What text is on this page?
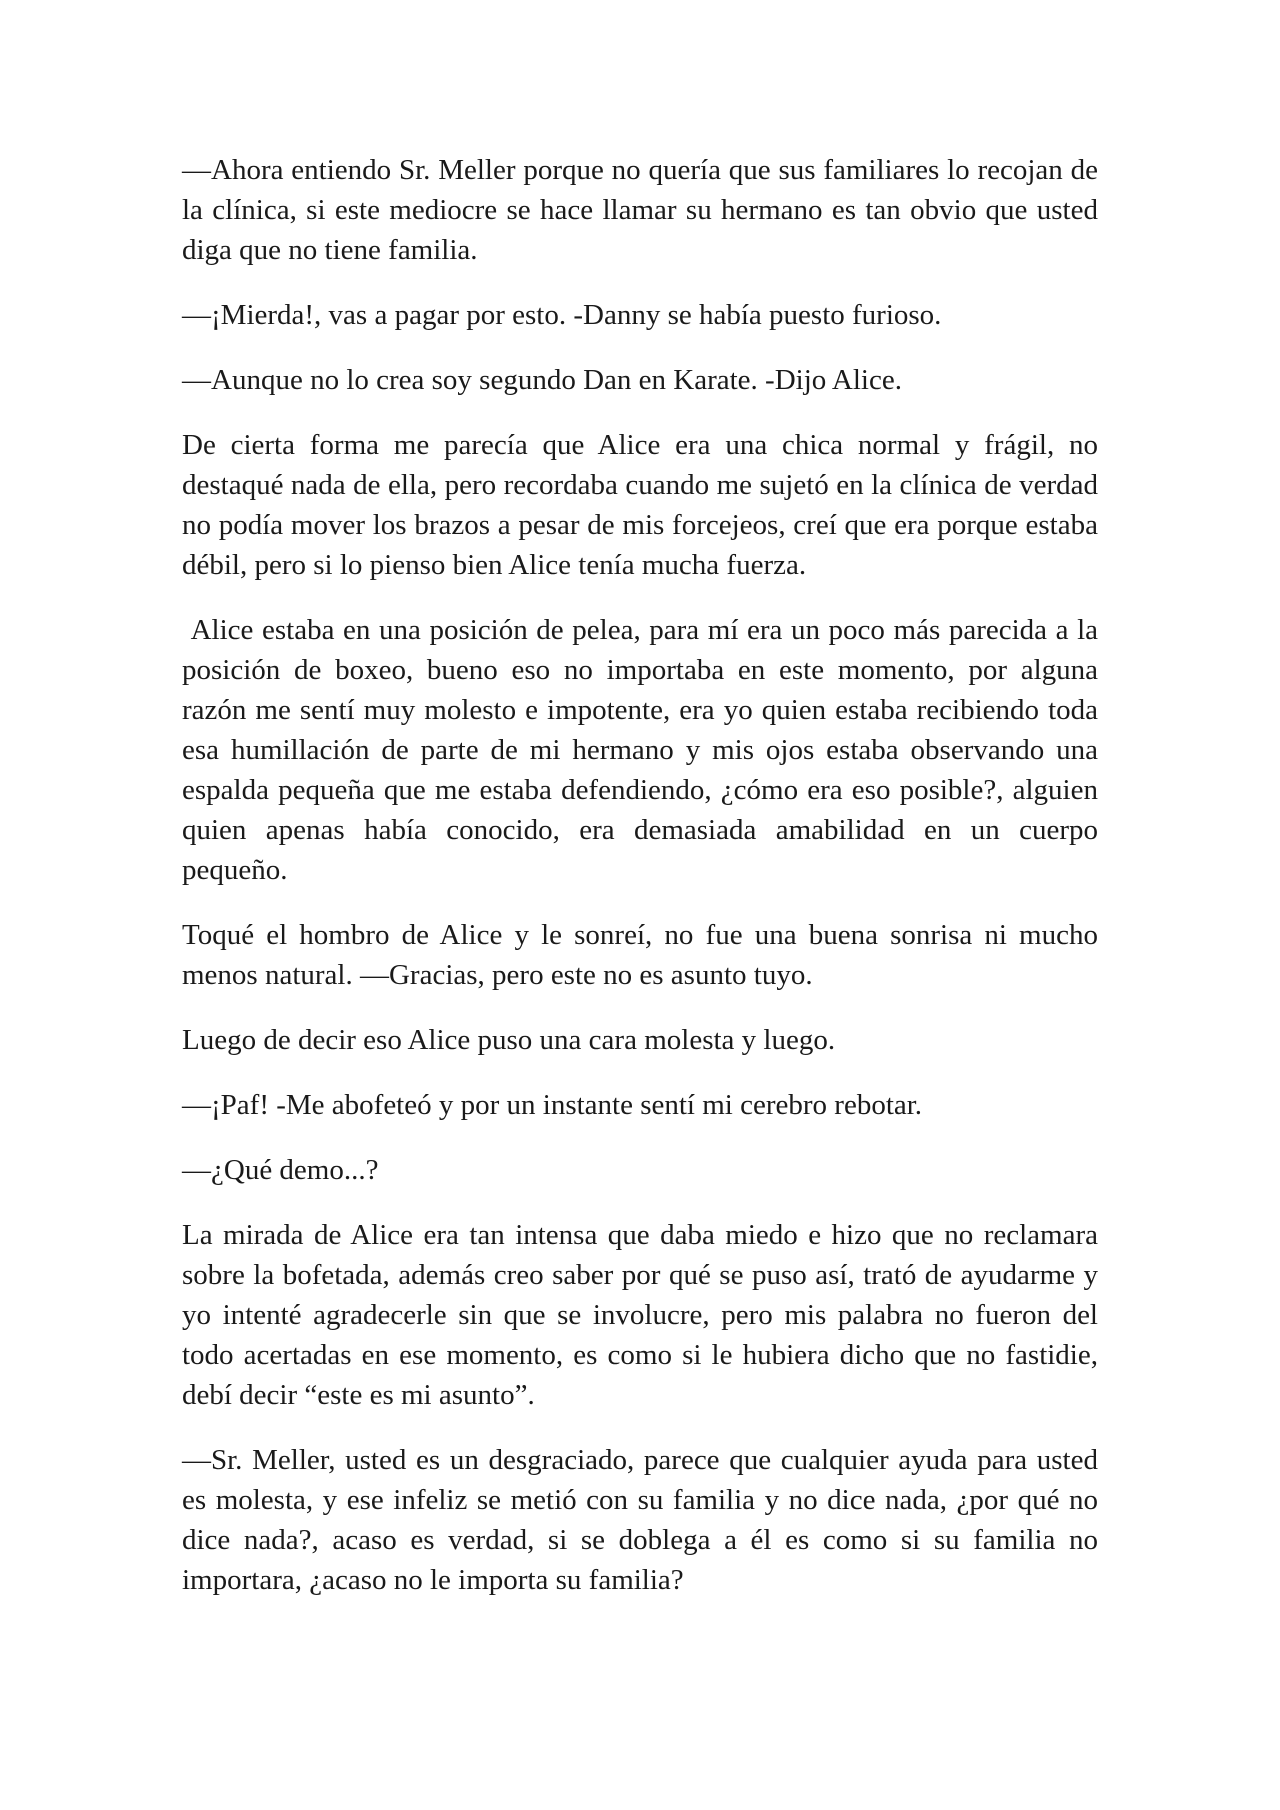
—Ahora entiendo Sr. Meller porque no quería que sus familiares lo recojan de la clínica, si este mediocre se hace llamar su hermano es tan obvio que usted diga que no tiene familia.

—¡Mierda!, vas a pagar por esto. -Danny se había puesto furioso.

—Aunque no lo crea soy segundo Dan en Karate. -Dijo Alice.

De cierta forma me parecía que Alice era una chica normal y frágil, no destaqué nada de ella, pero recordaba cuando me sujetó en la clínica de verdad no podía mover los brazos a pesar de mis forcejeos, creí que era porque estaba débil, pero si lo pienso bien Alice tenía mucha fuerza.

Alice estaba en una posición de pelea, para mí era un poco más parecida a la posición de boxeo, bueno eso no importaba en este momento, por alguna razón me sentí muy molesto e impotente, era yo quien estaba recibiendo toda esa humillación de parte de mi hermano y mis ojos estaba observando una espalda pequeña que me estaba defendiendo, ¿cómo era eso posible?, alguien quien apenas había conocido, era demasiada amabilidad en un cuerpo pequeño.

Toqué el hombro de Alice y le sonreí, no fue una buena sonrisa ni mucho menos natural. —Gracias, pero este no es asunto tuyo.

Luego de decir eso Alice puso una cara molesta y luego.

—¡Paf! -Me abofeteó y por un instante sentí mi cerebro rebotar.

—¿Qué demo...?

La mirada de Alice era tan intensa que daba miedo e hizo que no reclamara sobre la bofetada, además creo saber por qué se puso así, trató de ayudarme y yo intenté agradecerle sin que se involucre, pero mis palabra no fueron del todo acertadas en ese momento, es como si le hubiera dicho que no fastidie, debí decir “este es mi asunto”.

—Sr. Meller, usted es un desgraciado, parece que cualquier ayuda para usted es molesta, y ese infeliz se metió con su familia y no dice nada, ¿por qué no dice nada?, acaso es verdad, si se doblega a él es como si su familia no importara, ¿acaso no le importa su familia?
